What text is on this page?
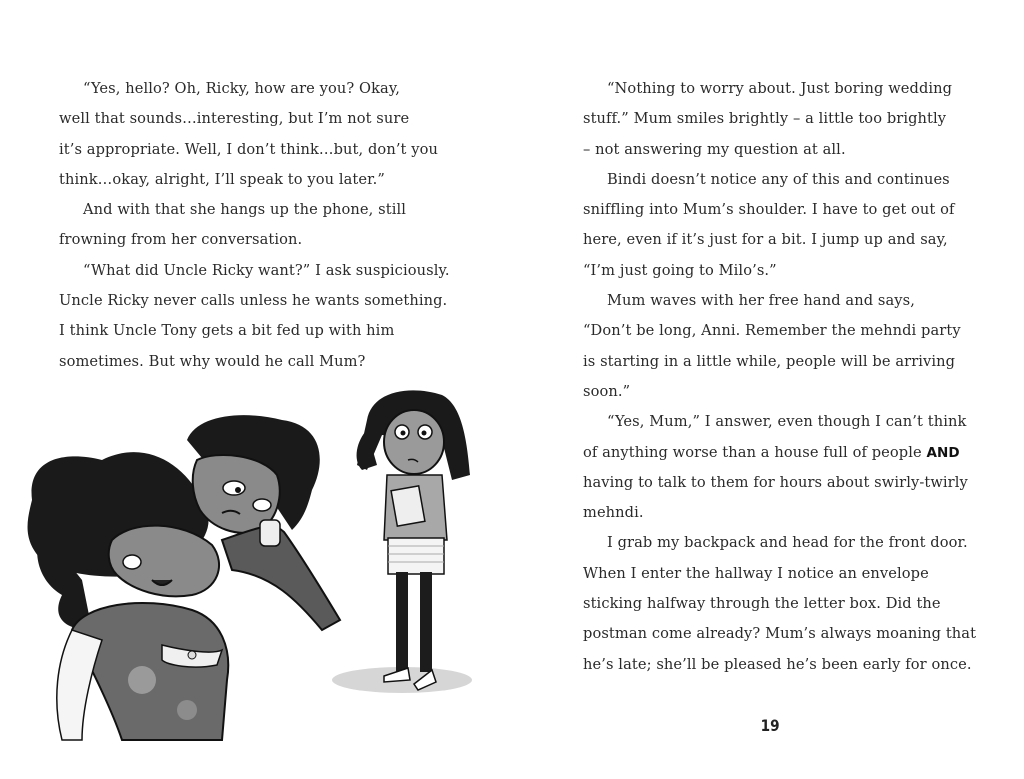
“Yes, hello? Oh, Ricky, how are you? Okay,
well that sounds…interesting, but I’m not sure
it’s appropriate. Well, I don’t think…but, don’t you
think…okay, alright, I’ll speak to you later.”
And with that she hangs up the phone, still
frowning from her conversation.
“What did Uncle Ricky want?” I ask suspiciously.
Uncle Ricky never calls unless he wants something.
I think Uncle Tony gets a bit fed up with him
sometimes. But why would he call Mum?
“Nothing to worry about. Just boring wedding
stuff.” Mum smiles brightly – a little too brightly
– not answering my question at all.
Bindi doesn’t notice any of this and continues
sniffling into Mum’s shoulder. I have to get out of
here, even if it’s just for a bit. I jump up and say,
“I’m just going to Milo’s.”
Mum waves with her free hand and says,
“Don’t be long, Anni. Remember the mehndi party
is starting in a little while, people will be arriving
soon.”
“Yes, Mum,” I answer, even though I can’t think
of anything worse than a house full of people AND
having to talk to them for hours about swirly-twirly
mehndi.
I grab my backpack and head for the front door.
When I enter the hallway I notice an envelope
sticking halfway through the letter box. Did the
postman come already? Mum’s always moaning that
he’s late; she’ll be pleased he’s been early for once.
19
